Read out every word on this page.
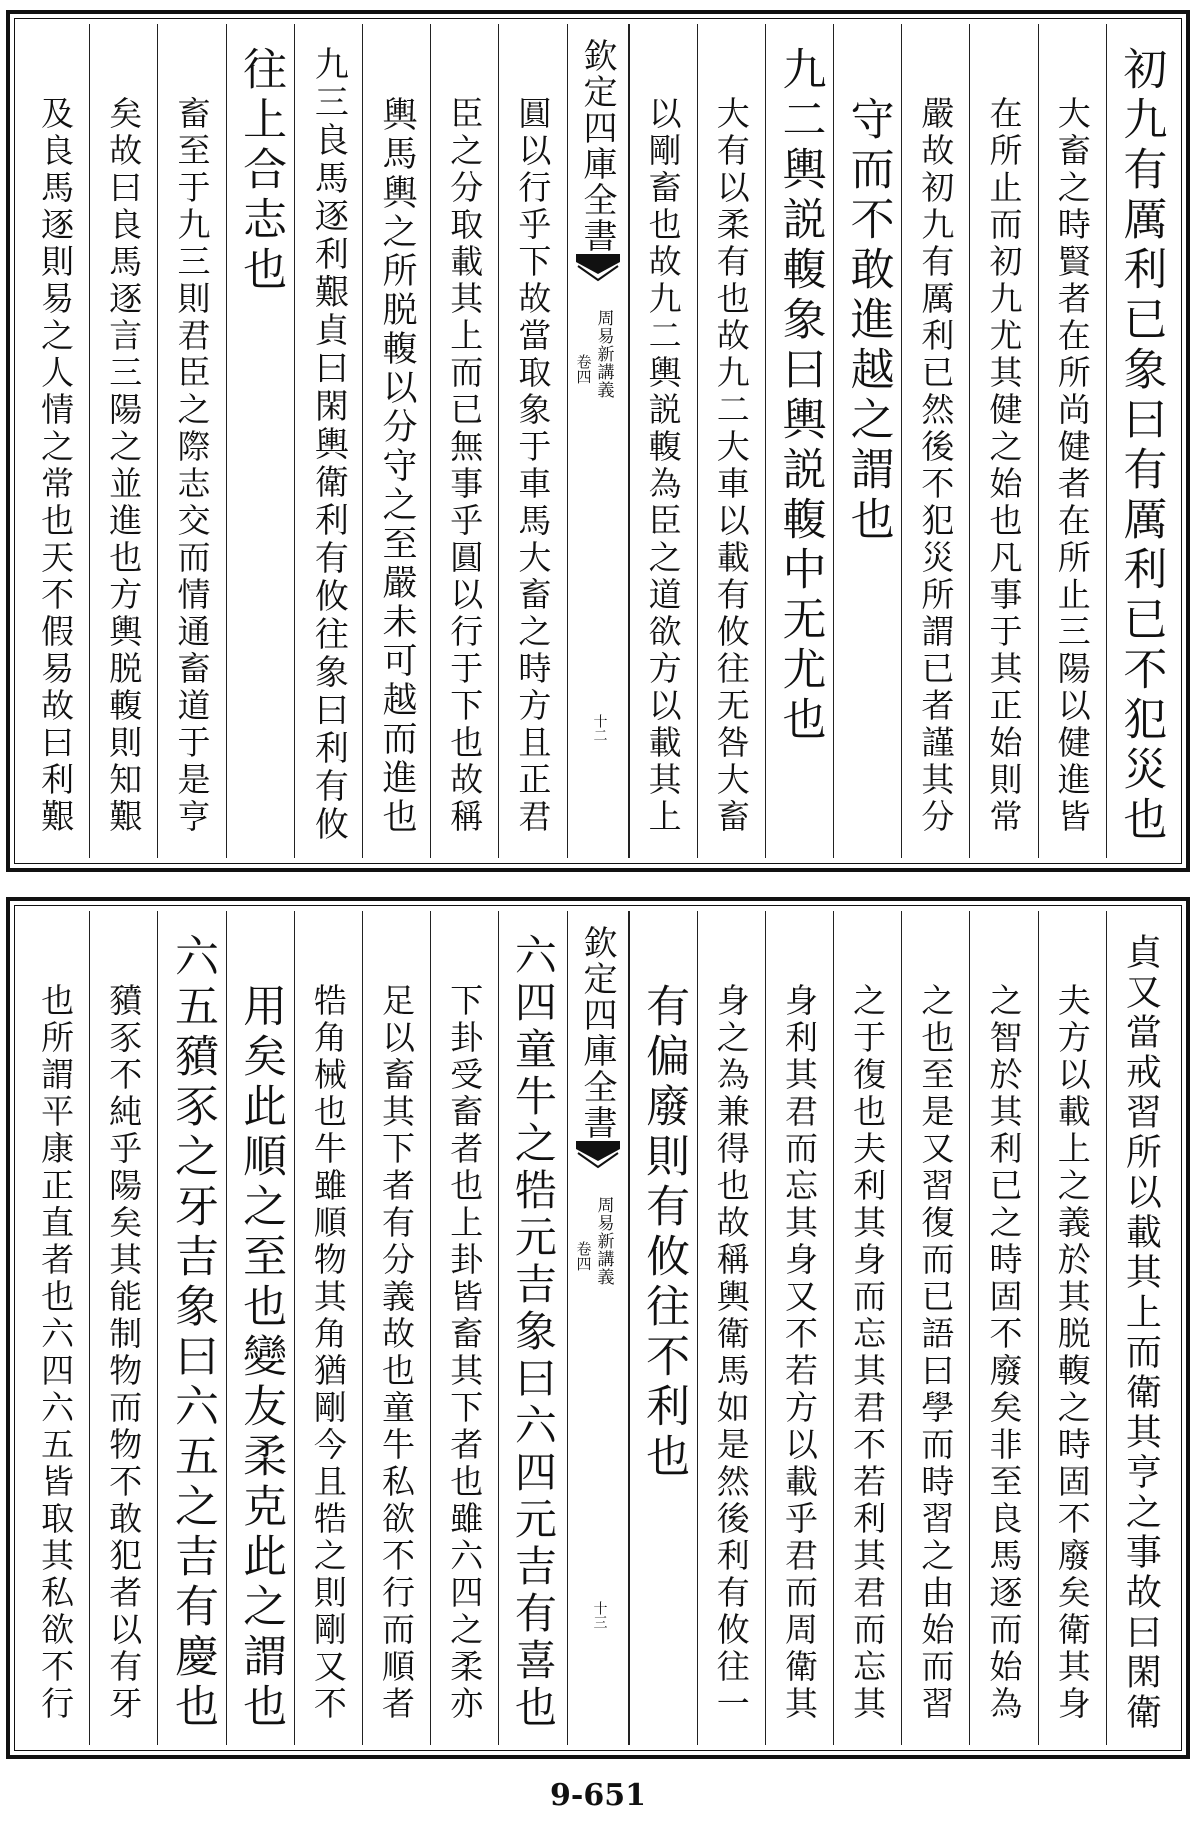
初九有厲利已象曰有厲利已不犯災也
大畜之時賢者在所尚健者在所止三陽以健進皆
在所止而初九尤其健之始也凡事于其正始則常
嚴故初九有厲利已然後不犯災所謂已者謹其分
守而不敢進越之謂也
九二輿説輹象曰輿説輹中无尤也
大有以柔有也故九二大車以載有攸往无咎大畜
以剛畜也故九二輿説輹為臣之道欲方以載其上
欽定四庫全書
周易新講義
卷四
十二
圓以行乎下故當取象于車馬大畜之時方且正君
臣之分取載其上而已無事乎圓以行于下也故稱
輿馬輿之所脱輹以分守之至嚴未可越而進也
九三良馬逐利艱貞曰閑輿衛利有攸往象曰利有攸
往上合志也
畜至于九三則君臣之際志交而情通畜道于是亨
矣故曰良馬逐言三陽之並進也方輿脱輹則知艱
及良馬逐則易之人情之常也天不假易故曰利艱
貞又當戒習所以載其上而衛其亨之事故曰閑衛
夫方以載上之義於其脱輹之時固不廢矣衛其身
之智於其利已之時固不廢矣非至良馬逐而始為
之也至是又習復而已語曰學而時習之由始而習
之于復也夫利其身而忘其君不若利其君而忘其
身利其君而忘其身又不若方以載乎君而周衛其
身之為兼得也故稱輿衛馬如是然後利有攸往一
有偏廢則有攸往不利也
欽定四庫全書
周易新講義
卷四
十三
六四童牛之牿元吉象曰六四元吉有喜也
下卦受畜者也上卦皆畜其下者也雖六四之柔亦
足以畜其下者有分義故也童牛私欲不行而順者
牿角械也牛雖順物其角猶剛今且牿之則剛又不
用矣此順之至也變友柔克此之謂也
六五豶豕之牙吉象曰六五之吉有慶也
豶豕不純乎陽矣其能制物而物不敢犯者以有牙
也所謂平康正直者也六四六五皆取其私欲不行
9-651
